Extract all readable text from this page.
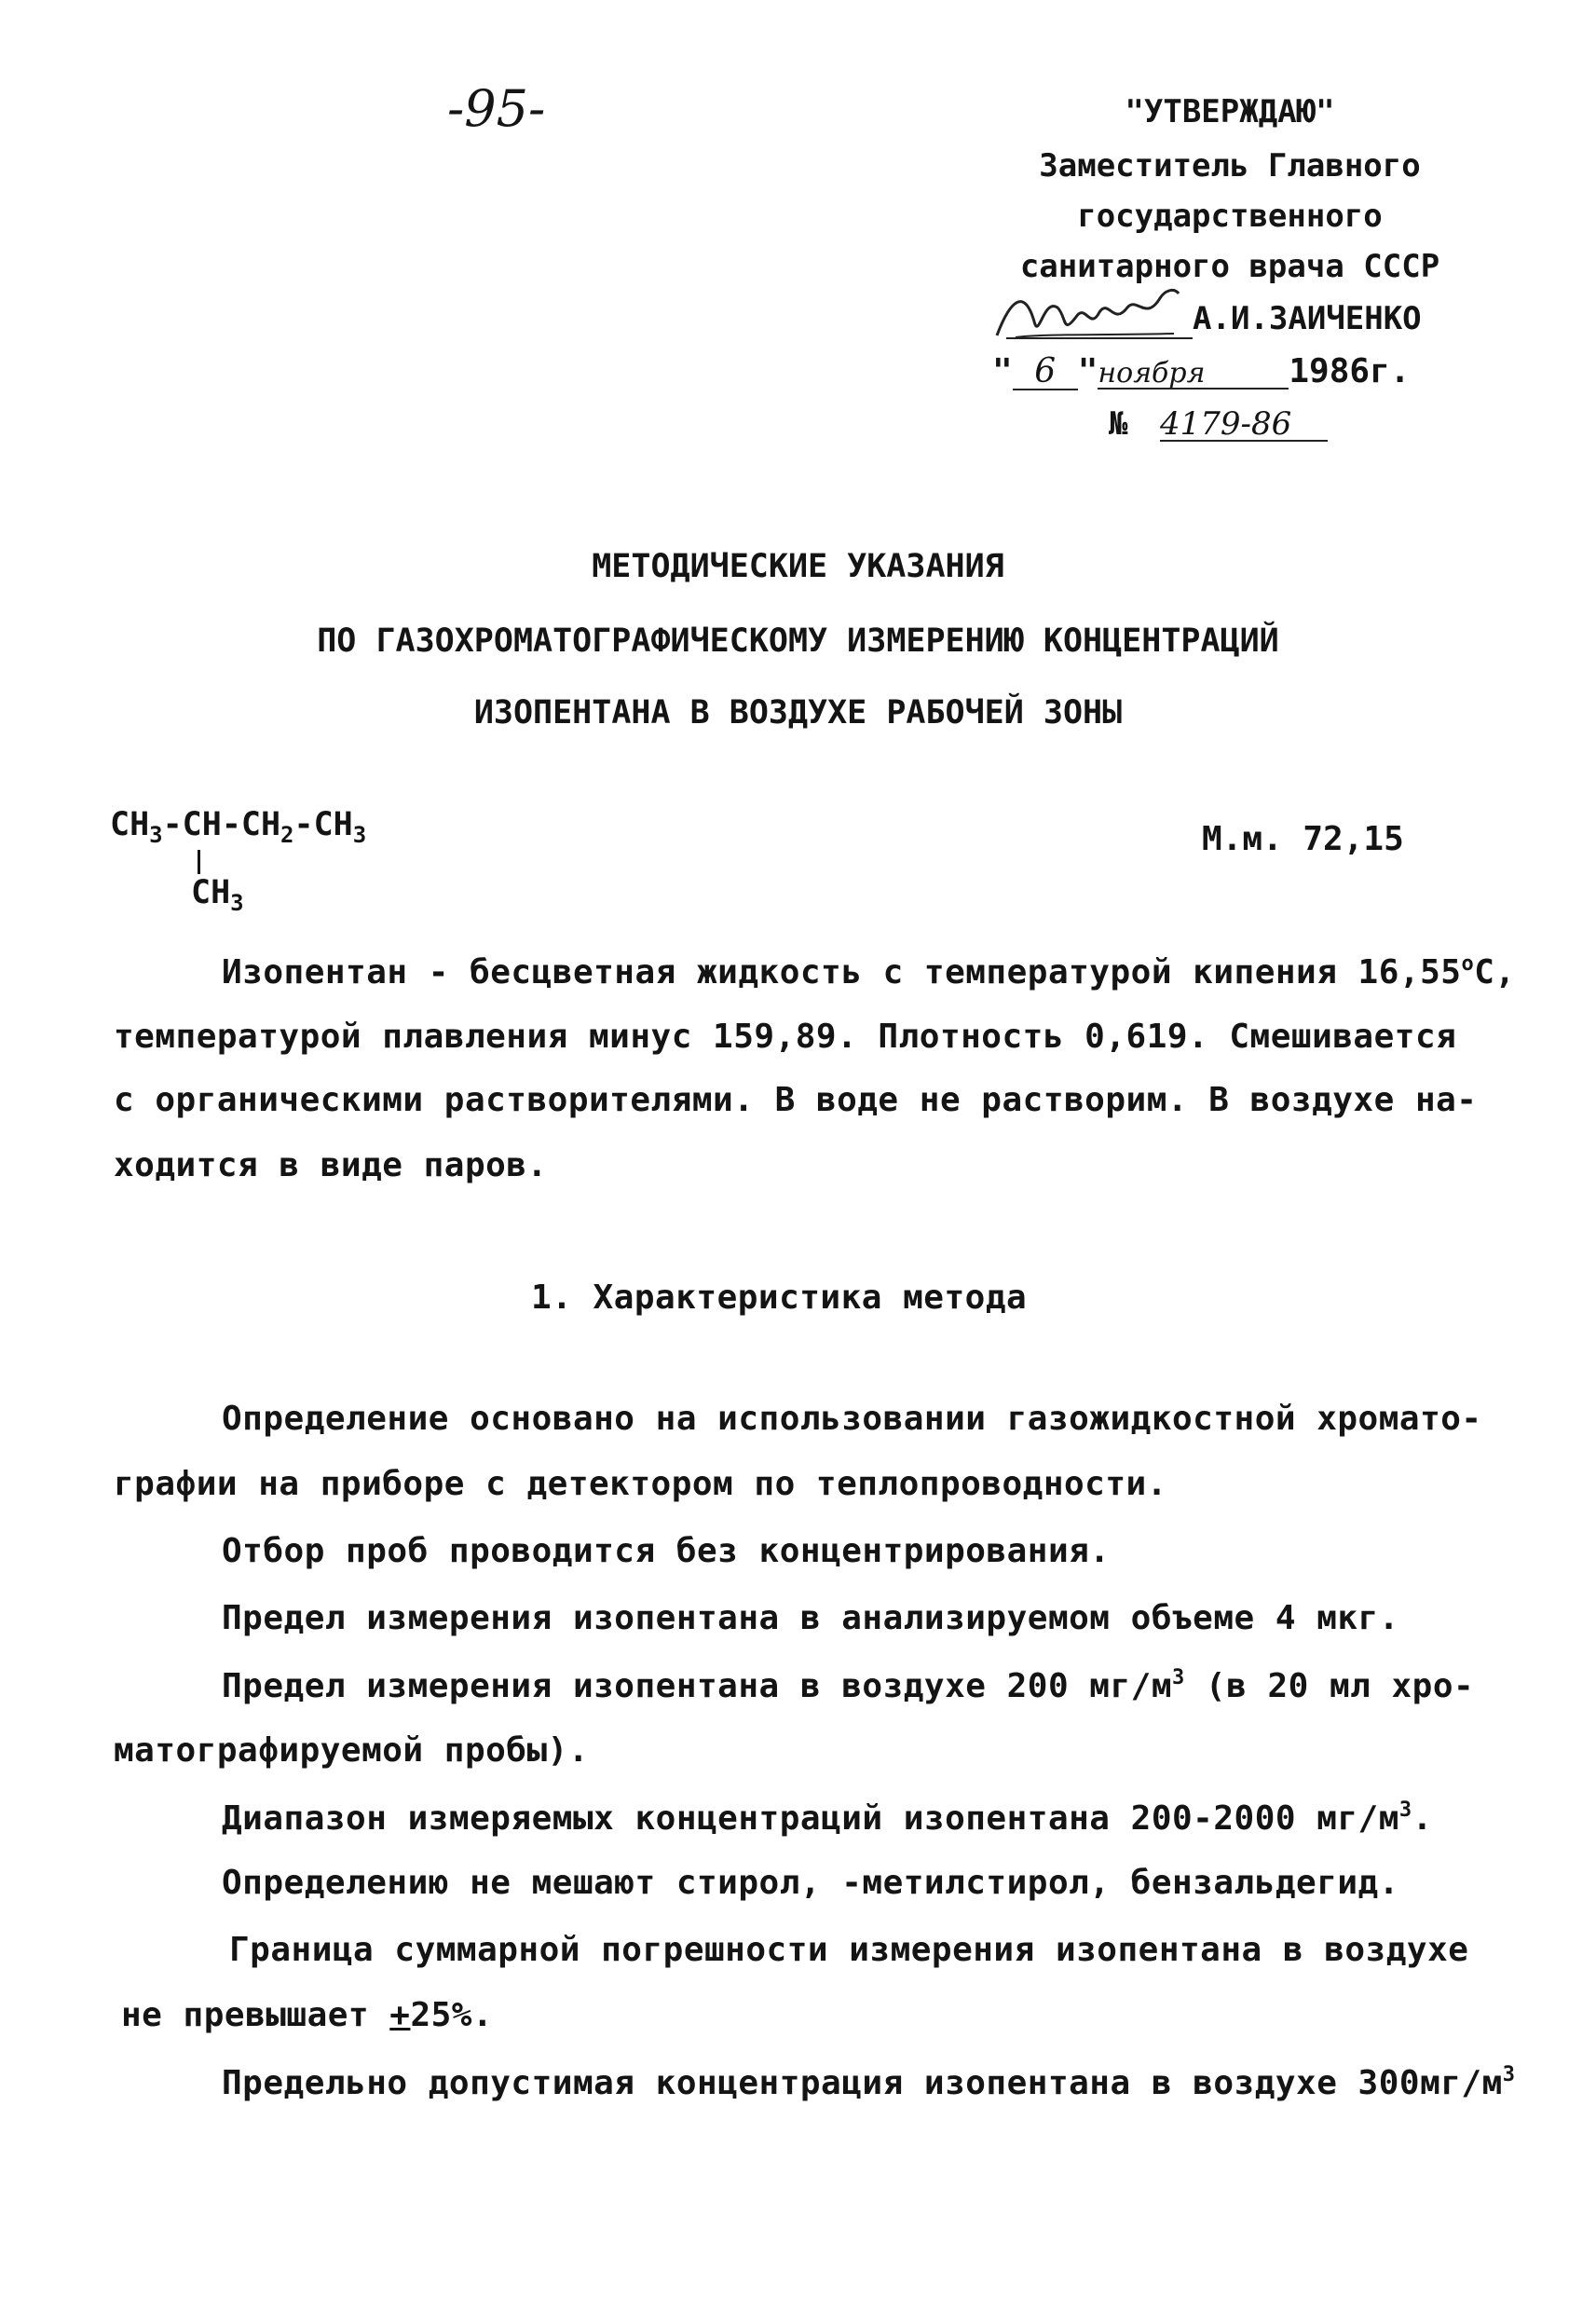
-95-	"УТВЕРЖДАЮ"
Заместитель Главного
государственного
санитарного врача СССР
А.И.ЗАИЧЕНКО
" 6 "ноября 1986г.
№ 4179-86
МЕТОДИЧЕСКИЕ УКАЗАНИЯ
ПО ГАЗОХРОМАТОГРАФИЧЕСКОМУ ИЗМЕРЕНИЮ КОНЦЕНТРАЦИЙ
ИЗОПЕНТАНА В ВОЗДУХЕ РАБОЧЕЙ ЗОНЫ
$CH_3-CH-CH_2-CH_3$
$CH_3$
М.м. 72,15
Изопентан - бесцветная жидкость с температурой кипения 16,55$^o$С,
температурой плавления минус 159,89. Плотность 0,619. Смешивается
с органическими растворителями. В воде не растворим. В воздухе на-
ходится в виде паров.
1. Характеристика метода
Определение основано на использовании газожидкостной хромато-
графии на приборе с детектором по теплопроводности.
Отбор проб проводится без концентрирования.
Предел измерения изопентана в анализируемом объеме 4 мкг.
Предел измерения изопентана в воздухе 200 $мг/м^3$ (в 20 мл хро-
матографируемой пробы).
Диапазон измеряемых концентраций изопентана 200-2000 $мг/м^3$.
Определению не мешают стирол, -метилстирол, бензальдегид.
Граница суммарной погрешности измерения изопентана в воздухе
не превышает +25%.
Предельно допустимая концентрация изопентана в воздухе $300мг/м^3$
